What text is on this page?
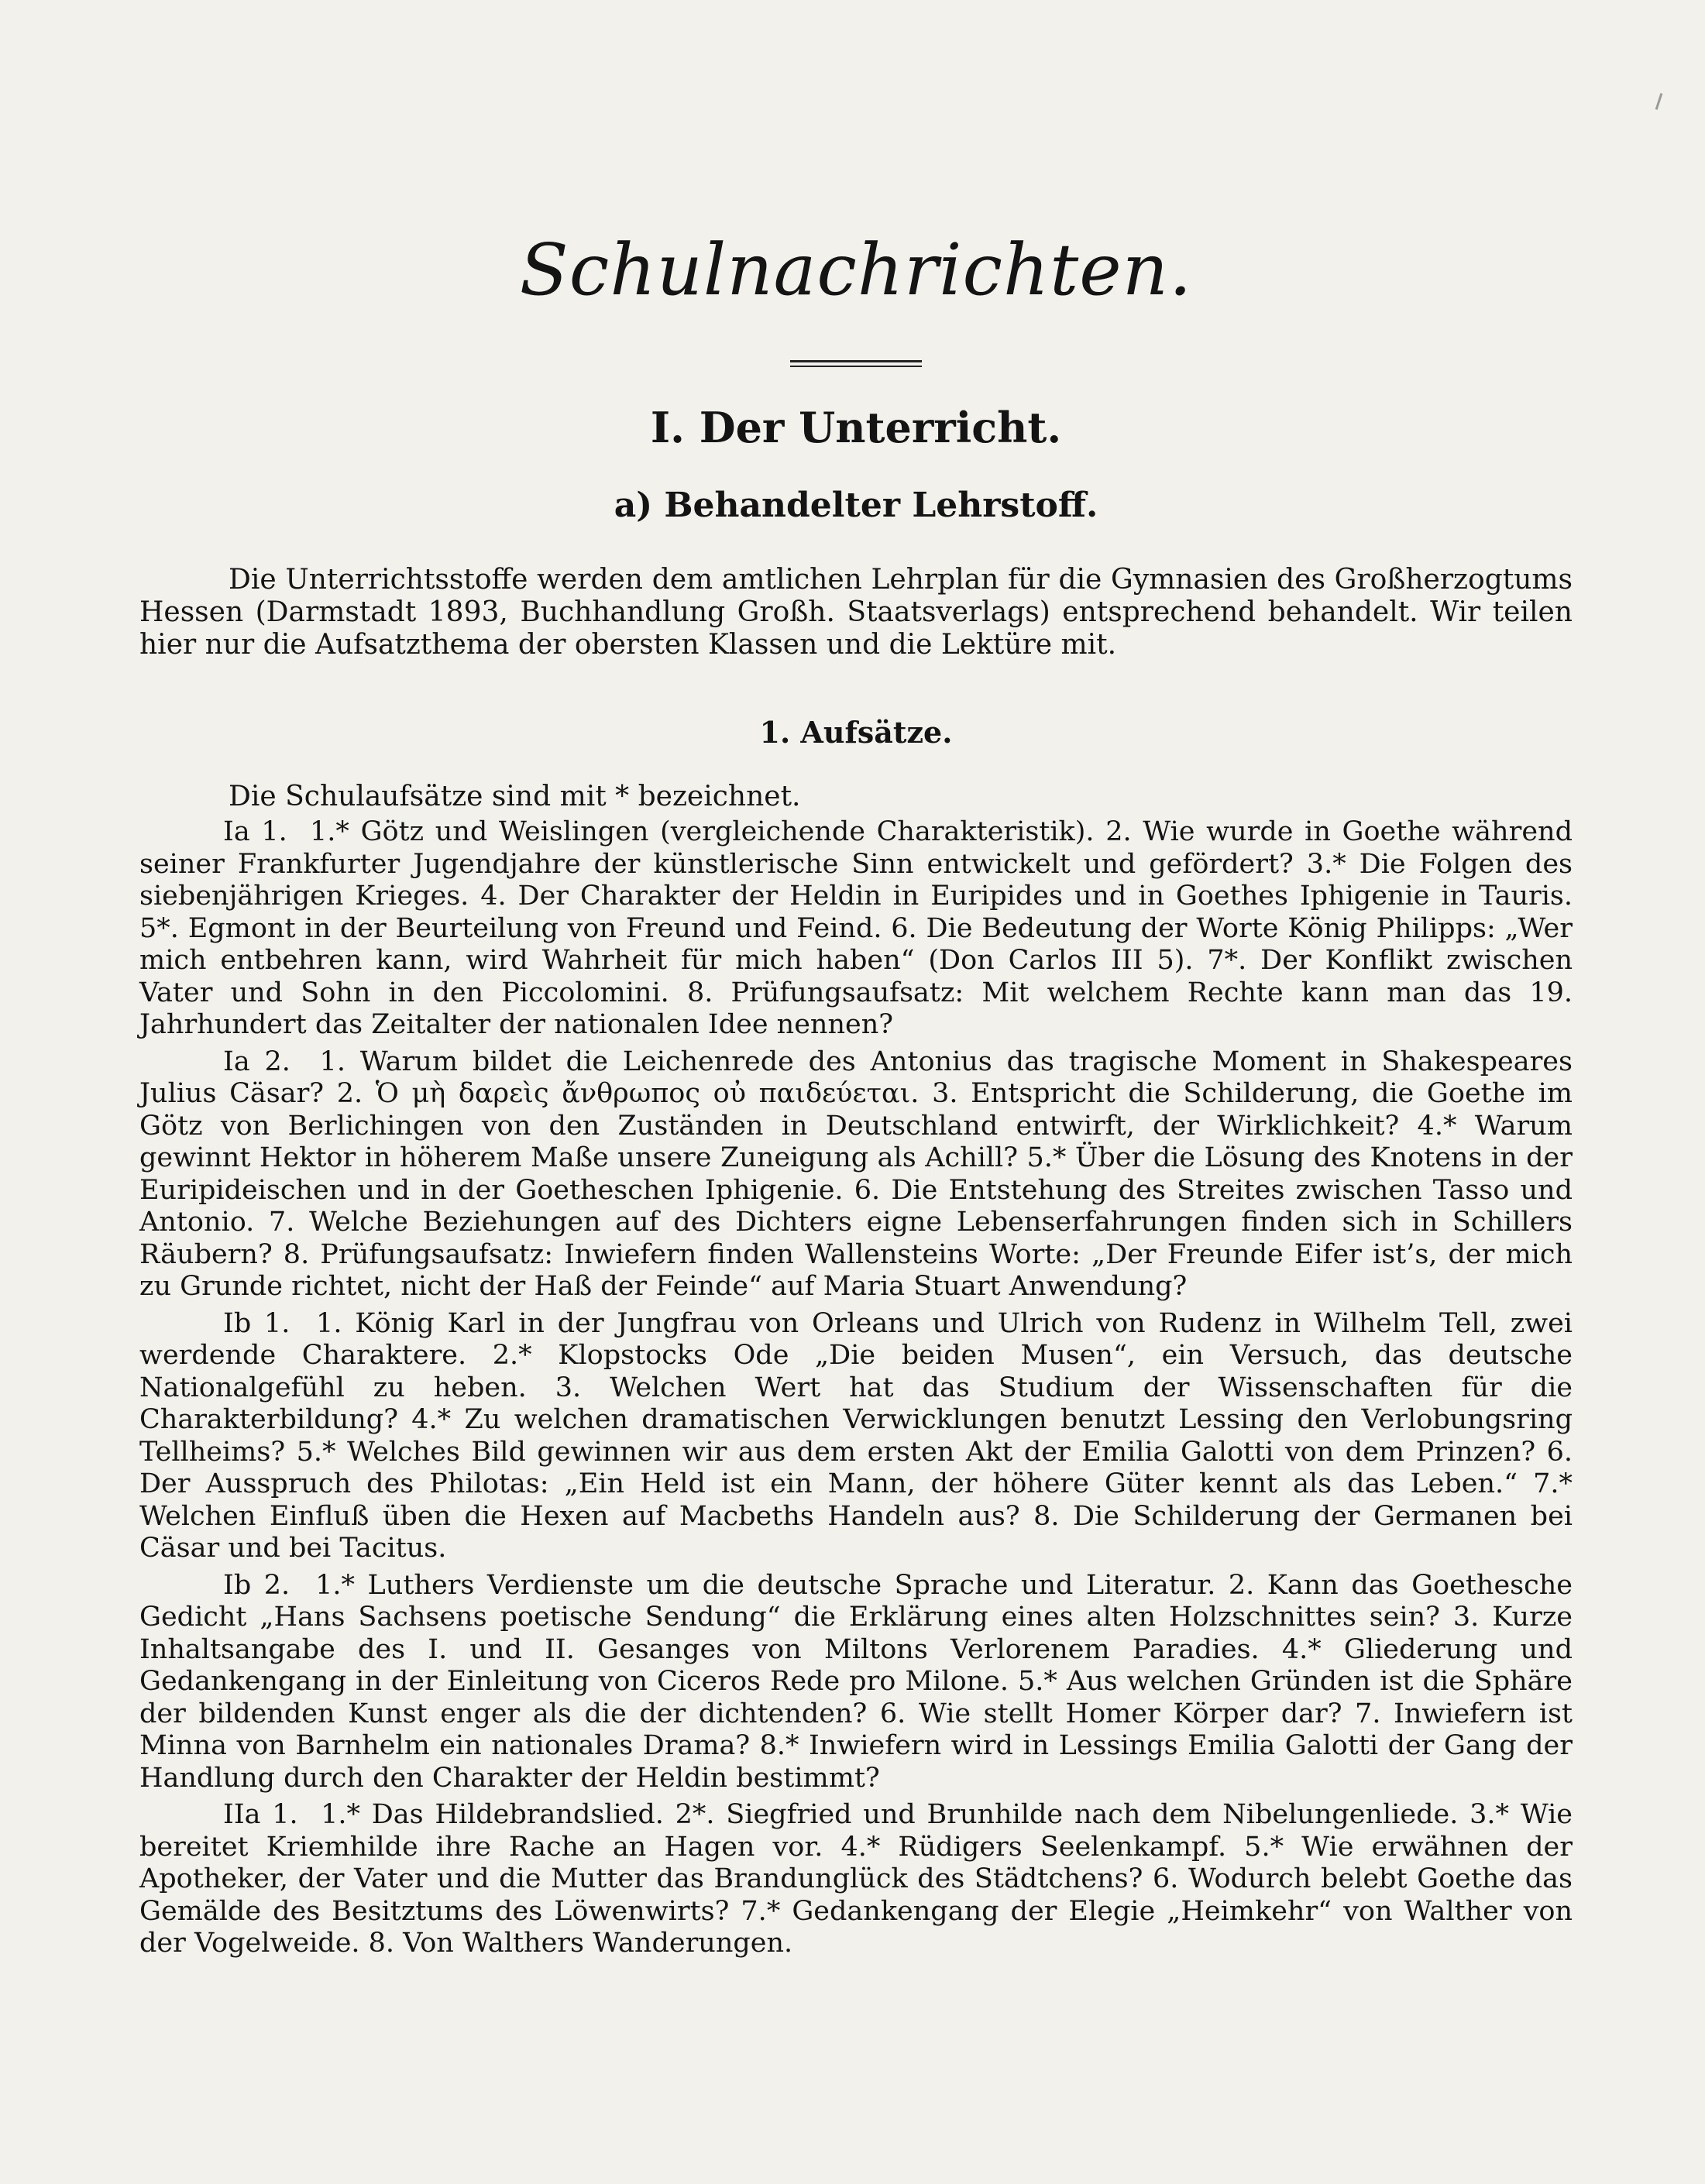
Schulnachrichten.
I. Der Unterricht.
a) Behandelter Lehrstoff.

Die Unterrichtsstoffe werden dem amtlichen Lehrplan für die Gymnasien des Großherzogtums Hessen (Darmstadt 1893, Buchhandlung Großh. Staatsverlags) entsprechend behandelt. Wir teilen hier nur die Aufsatzthema der obersten Klassen und die Lektüre mit.

1. Aufsätze.

Die Schulaufsätze sind mit * bezeichnet.

Ia 1. 1.* Götz und Weislingen (vergleichende Charakteristik). 2. Wie wurde in Goethe während seiner Frankfurter Jugendjahre der künstlerische Sinn entwickelt und gefördert? 3.* Die Folgen des siebenjährigen Krieges. 4. Der Charakter der Heldin in Euripides und in Goethes Iphigenie in Tauris. 5*. Egmont in der Beurteilung von Freund und Feind. 6. Die Bedeutung der Worte König Philipps: „Wer mich entbehren kann, wird Wahrheit für mich haben“ (Don Carlos III 5). 7*. Der Konflikt zwischen Vater und Sohn in den Piccolomini. 8. Prüfungsaufsatz: Mit welchem Rechte kann man das 19. Jahrhundert das Zeitalter der nationalen Idee nennen?

Ia 2. 1. Warum bildet die Leichenrede des Antonius das tragische Moment in Shakespeares Julius Cäsar? 2. Ὁ μὴ δαρεὶς ἄνθρωπος οὐ παιδεύεται. 3. Entspricht die Schilderung, die Goethe im Götz von Berlichingen von den Zuständen in Deutschland entwirft, der Wirklichkeit? 4.* Warum gewinnt Hektor in höherem Maße unsere Zuneigung als Achill? 5.* Über die Lösung des Knotens in der Euripideischen und in der Goetheschen Iphigenie. 6. Die Entstehung des Streites zwischen Tasso und Antonio. 7. Welche Beziehungen auf des Dichters eigne Lebenserfahrungen finden sich in Schillers Räubern? 8. Prüfungsaufsatz: Inwiefern finden Wallensteins Worte: „Der Freunde Eifer ist’s, der mich zu Grunde richtet, nicht der Haß der Feinde“ auf Maria Stuart Anwendung?

Ib 1. 1. König Karl in der Jungfrau von Orleans und Ulrich von Rudenz in Wilhelm Tell, zwei werdende Charaktere. 2.* Klopstocks Ode „Die beiden Musen“, ein Versuch, das deutsche Nationalgefühl zu heben. 3. Welchen Wert hat das Studium der Wissenschaften für die Charakterbildung? 4.* Zu welchen dramatischen Verwicklungen benutzt Lessing den Verlobungsring Tellheims? 5.* Welches Bild gewinnen wir aus dem ersten Akt der Emilia Galotti von dem Prinzen? 6. Der Ausspruch des Philotas: „Ein Held ist ein Mann, der höhere Güter kennt als das Leben.“ 7.* Welchen Einfluß üben die Hexen auf Macbeths Handeln aus? 8. Die Schilderung der Germanen bei Cäsar und bei Tacitus.

Ib 2. 1.* Luthers Verdienste um die deutsche Sprache und Literatur. 2. Kann das Goethesche Gedicht „Hans Sachsens poetische Sendung“ die Erklärung eines alten Holzschnittes sein? 3. Kurze Inhaltsangabe des I. und II. Gesanges von Miltons Verlorenem Paradies. 4.* Gliederung und Gedankengang in der Einleitung von Ciceros Rede pro Milone. 5.* Aus welchen Gründen ist die Sphäre der bildenden Kunst enger als die der dichtenden? 6. Wie stellt Homer Körper dar? 7. Inwiefern ist Minna von Barnhelm ein nationales Drama? 8.* Inwiefern wird in Lessings Emilia Galotti der Gang der Handlung durch den Charakter der Heldin bestimmt?

IIa 1. 1.* Das Hildebrandslied. 2*. Siegfried und Brunhilde nach dem Nibelungenliede. 3.* Wie bereitet Kriemhilde ihre Rache an Hagen vor. 4.* Rüdigers Seelenkampf. 5.* Wie erwähnen der Apotheker, der Vater und die Mutter das Brandunglück des Städtchens? 6. Wodurch belebt Goethe das Gemälde des Besitztums des Löwenwirts? 7.* Gedankengang der Elegie „Heimkehr“ von Walther von der Vogelweide. 8. Von Walthers Wanderungen.
